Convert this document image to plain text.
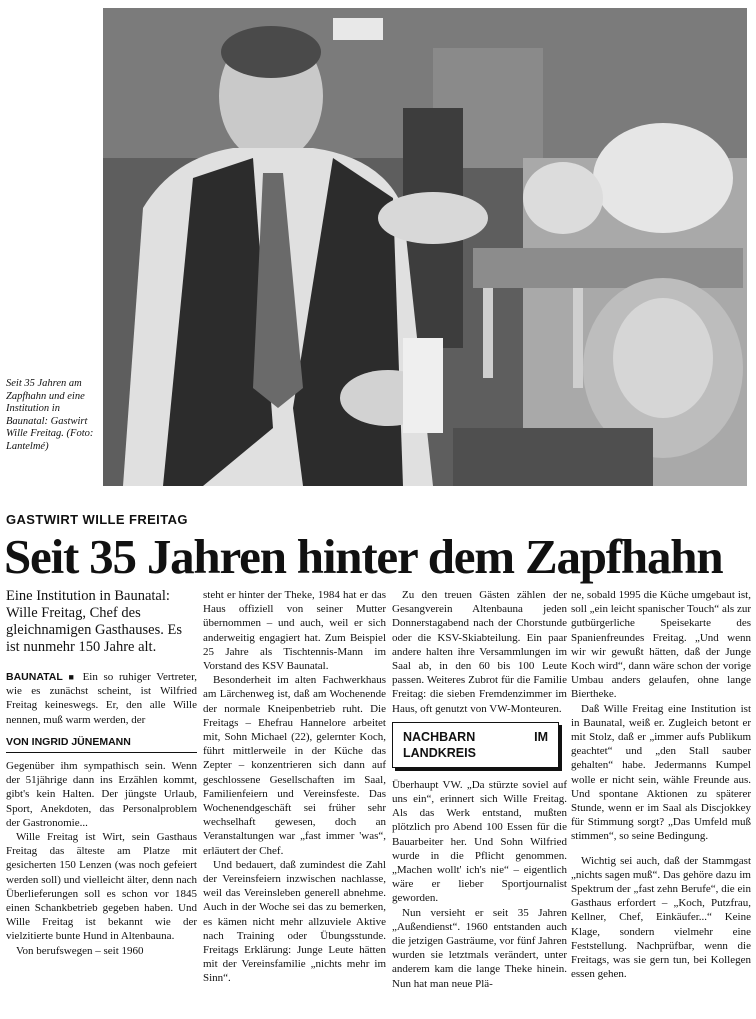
Seit 35 Jahren am Zapfhahn und eine Institution in Baunatal: Gastwirt Wille Freitag. (Foto: Lantelmé)
GASTWIRT WILLE FREITAG
Seit 35 Jahren hinter dem Zapfhahn
Eine Institution in Baunatal: Wille Freitag, Chef des gleichnamigen Gasthauses. Es ist nunmehr 150 Jahre alt.

BAUNATAL ■ Ein so ruhiger Vertreter, wie es zunächst scheint, ist Wilfried Freitag keineswegs. Er, den alle Wille nennen, muß warm werden, der

VON INGRID JÜNEMANN

Gegenüber ihm sympathisch sein. Wenn der 51jährige dann ins Erzählen kommt, gibt's kein Halten. Der jüngste Urlaub, Sport, Anekdoten, das Personalproblem der Gastronomie...

Wille Freitag ist Wirt, sein Gasthaus Freitag das älteste am Platze mit gesicherten 150 Lenzen (was noch gefeiert werden soll) und vielleicht älter, denn nach Überlieferungen soll es schon vor 1845 einen Schankbetrieb gegeben haben. Und Wille Freitag ist bekannt wie der vielzitierte bunte Hund in Altenbauna.

Von berufswegen – seit 1960

steht er hinter der Theke, 1984 hat er das Haus offiziell von seiner Mutter übernommen – und auch, weil er sich anderweitig engagiert hat. Zum Beispiel 25 Jahre als Tischtennis-Mann im Vorstand des KSV Baunatal.

Besonderheit im alten Fachwerkhaus am Lärchenweg ist, daß am Wochenende der normale Kneipenbetrieb ruht. Die Freitags – Ehefrau Hannelore arbeitet mit, Sohn Michael (22), gelernter Koch, führt mittlerweile in der Küche das Zepter – konzentrieren sich dann auf geschlossene Gesellschaften im Saal, Familienfeiern und Vereinsfeste. Das Wochenendgeschäft sei früher sehr wechselhaft gewesen, doch an Veranstaltungen war „fast immer 'was“, erläutert der Chef.

Und bedauert, daß zumindest die Zahl der Vereinsfeiern inzwischen nachlasse, weil das Vereinsleben generell abnehme. Auch in der Woche sei das zu bemerken, es kämen nicht mehr allzuviele Aktive nach Training oder Übungsstunde. Freitags Erklärung: Junge Leute hätten mit der Vereinsfamilie „nichts mehr im Sinn“.

Zu den treuen Gästen zählen der Gesangverein Altenbauna jeden Donnerstagabend nach der Chorstunde oder die KSV-Skiabteilung. Ein paar andere halten ihre Versammlungen im Saal ab, in den 60 bis 100 Leute passen. Weiteres Zubrot für die Familie Freitag: die sieben Fremdenzimmer im Haus, oft genutzt von VW-Monteuren.

NACHBARN IM LANDKREIS

Überhaupt VW. „Da stürzte soviel auf uns ein“, erinnert sich Wille Freitag. Als das Werk entstand, mußten plötzlich pro Abend 100 Essen für die Bauarbeiter her. Und Sohn Wilfried wurde in die Pflicht genommen. „Machen wollt' ich's nie“ – eigentlich wäre er lieber Sportjournalist geworden.

Nun versieht er seit 35 Jahren „Außendienst“. 1960 entstanden auch die jetzigen Gasträume, vor fünf Jahren wurden sie letztmals verändert, unter anderem kam die lange Theke hinein. Nun hat man neue Plä-

ne, sobald 1995 die Küche umgebaut ist, soll „ein leicht spanischer Touch“ als zur gutbürgerliche Speisekarte des Spanienfreundes Freitag. „Und wenn wir wir gewußt hätten, daß der Junge Koch wird“, dann wäre schon der vorige Umbau anders gelaufen, ohne lange Biertheke.

Daß Wille Freitag eine Institution ist in Baunatal, weiß er. Zugleich betont er mit Stolz, daß er „immer aufs Publikum geachtet“ und „den Stall sauber gehalten“ habe. Jedermanns Kumpel wolle er nicht sein, wähle Freunde aus. Und spontane Aktionen zu späterer Stunde, wenn er im Saal als Discjokkey für Stimmung sorgt? „Das Umfeld muß stimmen“, so seine Bedingung.

Wichtig sei auch, daß der Stammgast „nichts sagen muß“. Das gehöre dazu im Spektrum der „fast zehn Berufe“, die ein Gasthaus erfordert – „Koch, Putzfrau, Kellner, Chef, Einkäufer...“ Keine Klage, sondern vielmehr eine Feststellung. Nachprüfbar, wenn die Freitags, was sie gern tun, bei Kollegen essen gehen.
